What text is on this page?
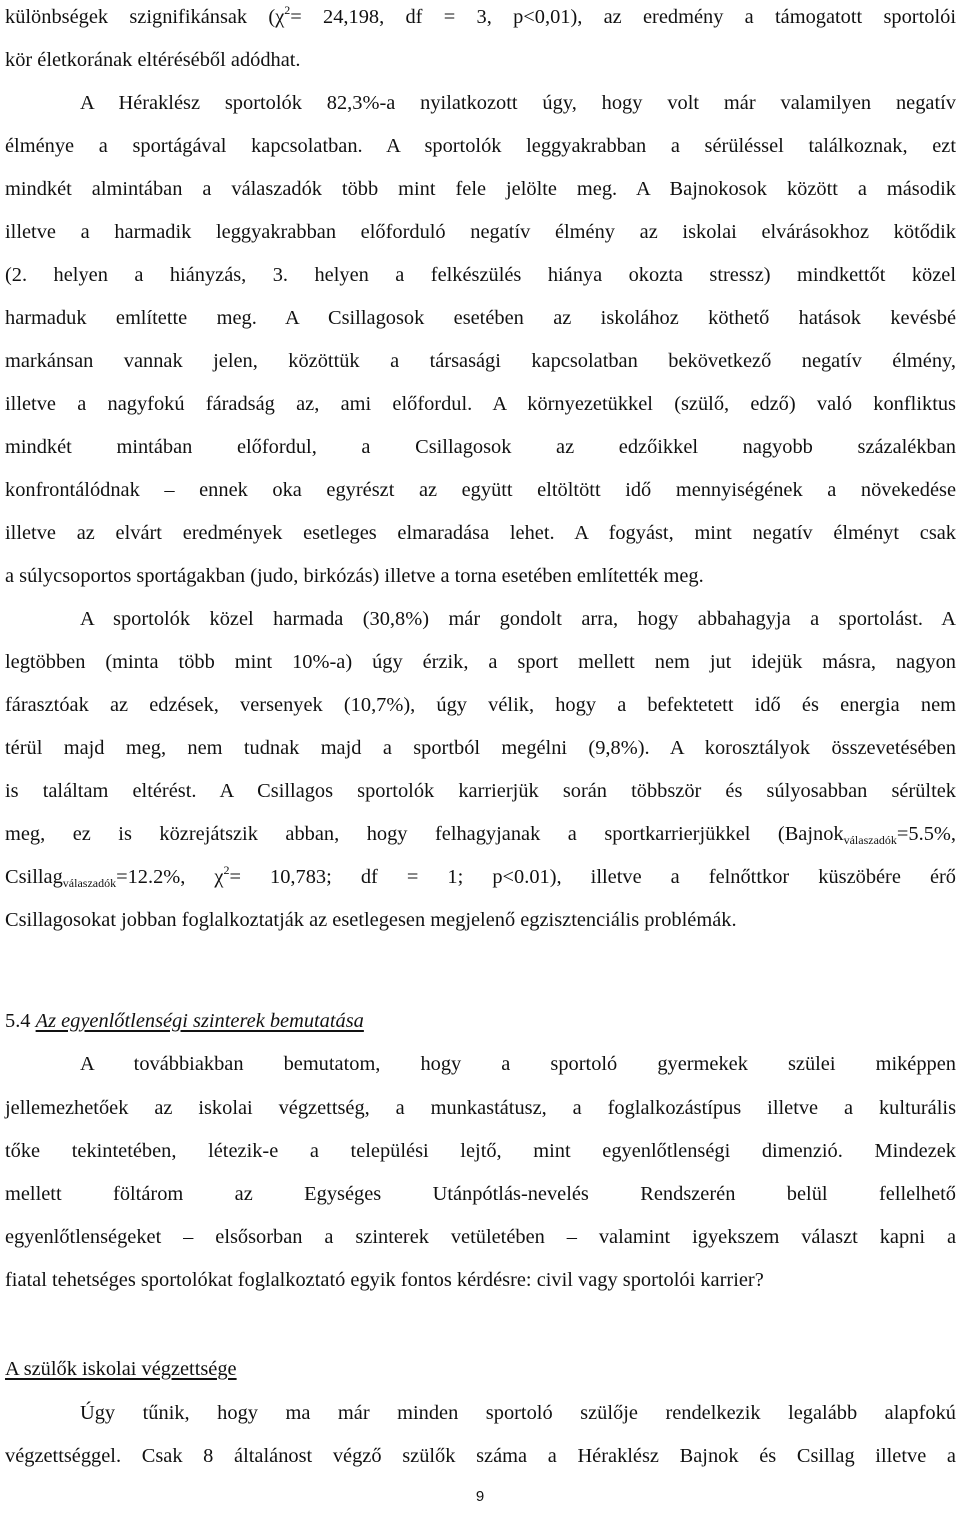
különbségek szignifikánsak ($\chi^2= 24,198$, df = 3, p<0,01), az eredmény a támogatott sportolói
kör életkorának eltéréséből adódhat.
A Héraklész sportolók 82,3%-a nyilatkozott úgy, hogy volt már valamilyen negatív
élménye a sportágával kapcsolatban. A sportolók leggyakrabban a sérüléssel találkoznak, ezt
mindkét almintában a válaszadók több mint fele jelölte meg. A Bajnokosok között a második
illetve a harmadik leggyakrabban előforduló negatív élmény az iskolai elvárásokhoz kötődik
(2. helyen a hiányzás, 3. helyen a felkészülés hiánya okozta stressz) mindkettőt közel
harmaduk említette meg. A Csillagosok esetében az iskolához köthető hatások kevésbé
markánsan vannak jelen, közöttük a társasági kapcsolatban bekövetkező negatív élmény,
illetve a nagyfokú fáradság az, ami előfordul. A környezetükkel (szülő, edző) való konfliktus
mindkét mintában előfordul, a Csillagosok az edzőikkel nagyobb százalékban
konfrontálódnak – ennek oka egyrészt az együtt eltöltött idő mennyiségének a növekedése
illetve az elvárt eredmények esetleges elmaradása lehet. A fogyást, mint negatív élményt csak
a súlycsoportos sportágakban (judo, birkózás) illetve a torna esetében említették meg.
A sportolók közel harmada (30,8%) már gondolt arra, hogy abbahagyja a sportolást. A
legtöbben (minta több mint 10%-a) úgy érzik, a sport mellett nem jut idejük másra, nagyon
fárasztóak az edzések, versenyek (10,7%), úgy vélik, hogy a befektetett idő és energia nem
térül majd meg, nem tudnak majd a sportból megélni (9,8%). A korosztályok összevetésében
is találtam eltérést. A Csillagos sportolók karrierjük során többször és súlyosabban sérültek
meg, ez is közrejátszik abban, hogy felhagyjanak a sportkarrierjükkel (Bajnok$_{válaszadók}$=5.5%,
Csillag$_{válaszadók}$=12.2%, $\chi^2= 10,783$; df = 1; p<0.01), illetve a felnőttkor küszöbére érő
Csillagosokat jobban foglalkoztatják az esetlegesen megjelenő egzisztenciális problémák.
5.4 Az egyenlőtlenségi szinterek bemutatása
A továbbiakban bemutatom, hogy a sportoló gyermekek szülei miképpen
jellemezhetőek az iskolai végzettség, a munkastátusz, a foglalkozástípus illetve a kulturális
tőke tekintetében, létezik-e a települési lejtő, mint egyenlőtlenségi dimenzió. Mindezek
mellett föltárom az Egységes Utánpótlás-nevelés Rendszerén belül fellelhető
egyenlőtlenségeket – elsősorban a szinterek vetületében – valamint igyekszem választ kapni a
fiatal tehetséges sportolókat foglalkoztató egyik fontos kérdésre: civil vagy sportolói karrier?
A szülők iskolai végzettsége
Úgy tűnik, hogy ma már minden sportoló szülője rendelkezik legalább alapfokú
végzettséggel. Csak 8 általánost végző szülők száma a Héraklész Bajnok és Csillag illetve a
9
